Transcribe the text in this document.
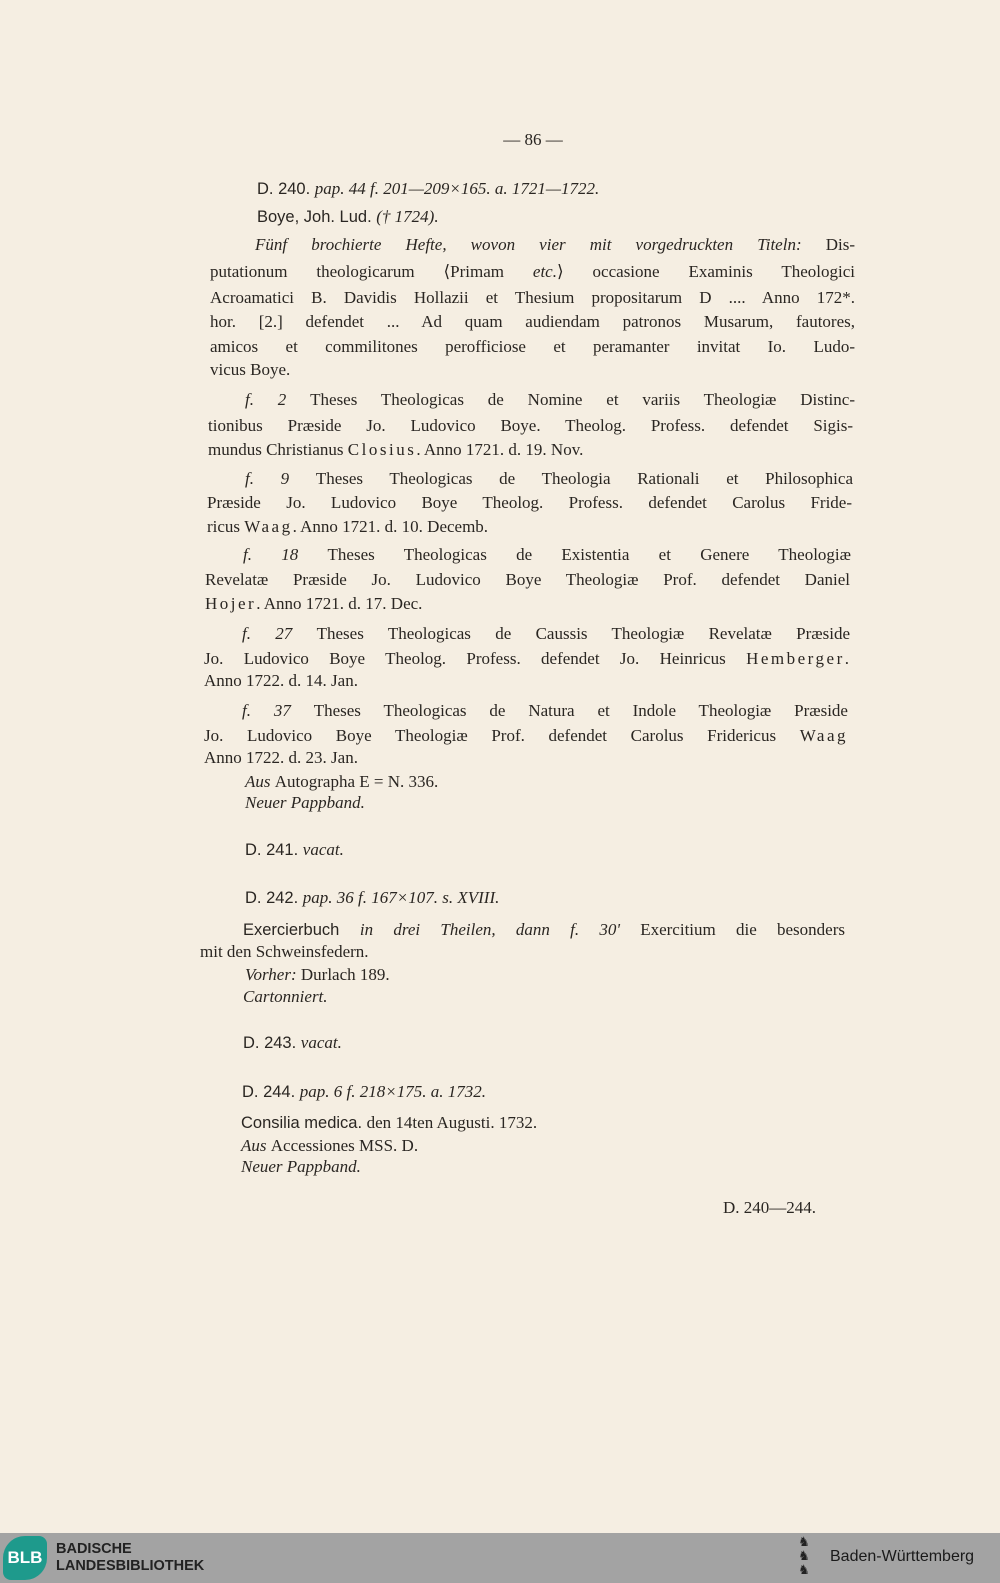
— 86 —
D. 240. pap. 44 f. 201—209×165. a. 1721—1722.
Boye, Joh. Lud. († 1724).
Fünf brochierte Hefte, wovon vier mit vorgedruckten Titeln: Dis-
putationum theologicarum ⟨Primam etc.⟩ occasione Examinis Theologici
Acroamatici B. Davidis Hollazii et Thesium propositarum D .... Anno 172*.
hor. [2.] defendet ... Ad quam audiendam patronos Musarum, fautores,
amicos et commilitones perofficiose et peramanter invitat Io. Ludo-
vicus Boye.
f. 2 Theses Theologicas de Nomine et variis Theologiæ Distinc-
tionibus Præside Jo. Ludovico Boye. Theolog. Profess. defendet Sigis-
mundus Christianus Closius. Anno 1721. d. 19. Nov.
f. 9 Theses Theologicas de Theologia Rationali et Philosophica
Præside Jo. Ludovico Boye Theolog. Profess. defendet Carolus Fride-
ricus Waag. Anno 1721. d. 10. Decemb.
f. 18 Theses Theologicas de Existentia et Genere Theologiæ
Revelatæ Præside Jo. Ludovico Boye Theologiæ Prof. defendet Daniel
Hojer. Anno 1721. d. 17. Dec.
f. 27 Theses Theologicas de Caussis Theologiæ Revelatæ Præside
Jo. Ludovico Boye Theolog. Profess. defendet Jo. Heinricus Hemberger.
Anno 1722. d. 14. Jan.
f. 37 Theses Theologicas de Natura et Indole Theologiæ Præside
Jo. Ludovico Boye Theologiæ Prof. defendet Carolus Fridericus Waag
Anno 1722. d. 23. Jan.
Aus Autographa E = N. 336.
Neuer Pappband.
D. 241. vacat.
D. 242. pap. 36 f. 167×107. s. XVIII.
Exercierbuch in drei Theilen, dann f. 30' Exercitium die besonders
mit den Schweinsfedern.
Vorher: Durlach 189.
Cartonniert.
D. 243. vacat.
D. 244. pap. 6 f. 218×175. a. 1732.
Consilia medica. den 14ten Augusti. 1732.
Aus Accessiones MSS. D.
Neuer Pappband.
D. 240—244.
BLB BADISCHE
LANDESBIBLIOTHEK
♞
♞
♞
Baden-Württemberg
